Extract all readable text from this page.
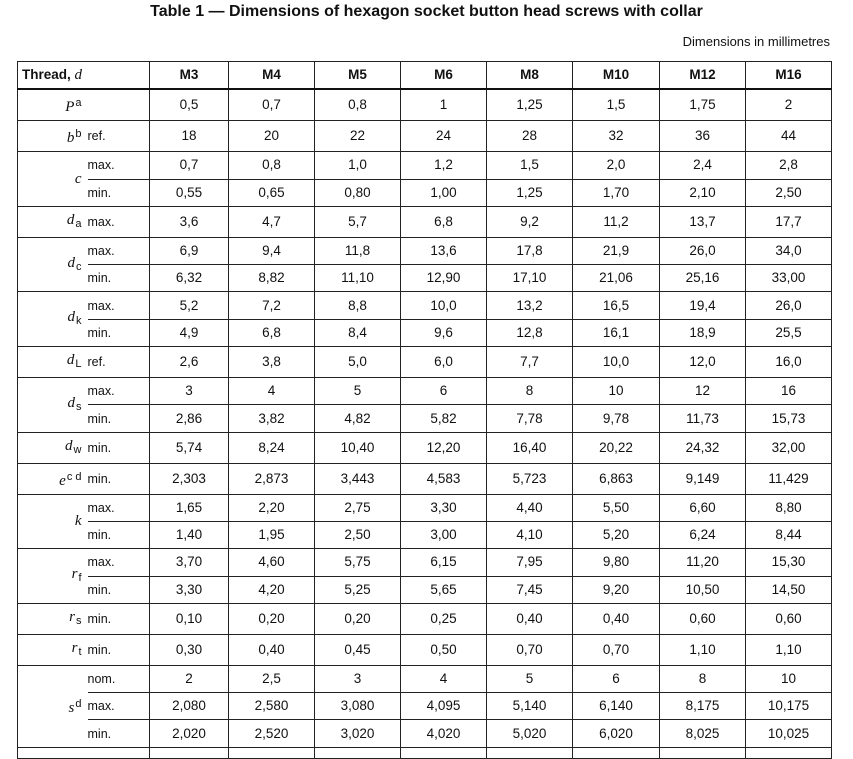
Table 1 — Dimensions of hexagon socket button head screws with collar
Dimensions in millimetres
Thread, d		M3	M4	M5	M6	M8	M10	M12	M16

$P^a$		0,5	0,7	0,8	1	1,25	1,5	1,75	2

$b^b$	ref.	18	20	22	24	28	32	36	44

c	max.	0,7	0,8	1,0	1,2	1,5	2,0	2,4	2,8
	min.	0,55	0,65	0,80	1,00	1,25	1,70	2,10	2,50

$d_a$	max.	3,6	4,7	5,7	6,8	9,2	11,2	13,7	17,7

$d_c$	max.	6,9	9,4	11,8	13,6	17,8	21,9	26,0	34,0
	min.	6,32	8,82	11,10	12,90	17,10	21,06	25,16	33,00

$d_k$	max.	5,2	7,2	8,8	10,0	13,2	16,5	19,4	26,0
	min.	4,9	6,8	8,4	9,6	12,8	16,1	18,9	25,5

$d_L$	ref.	2,6	3,8	5,0	6,0	7,7	10,0	12,0	16,0

$d_s$	max.	3	4	5	6	8	10	12	16
	min.	2,86	3,82	4,82	5,82	7,78	9,78	11,73	15,73

$d_w$	min.	5,74	8,24	10,40	12,20	16,40	20,22	24,32	32,00

$e^{c d}$	min.	2,303	2,873	3,443	4,583	5,723	6,863	9,149	11,429

k	max.	1,65	2,20	2,75	3,30	4,40	5,50	6,60	8,80
	min.	1,40	1,95	2,50	3,00	4,10	5,20	6,24	8,44

$r_f$	max.	3,70	4,60	5,75	6,15	7,95	9,80	11,20	15,30
	min.	3,30	4,20	5,25	5,65	7,45	9,20	10,50	14,50

$r_s$	min.	0,10	0,20	0,20	0,25	0,40	0,40	0,60	0,60

$r_t$	min.	0,30	0,40	0,45	0,50	0,70	0,70	1,10	1,10

$s^d$	nom.	2	2,5	3	4	5	6	8	10
	max.	2,080	2,580	3,080	4,095	5,140	6,140	8,175	10,175
	min.	2,020	2,520	3,020	4,020	5,020	6,020	8,025	10,025
